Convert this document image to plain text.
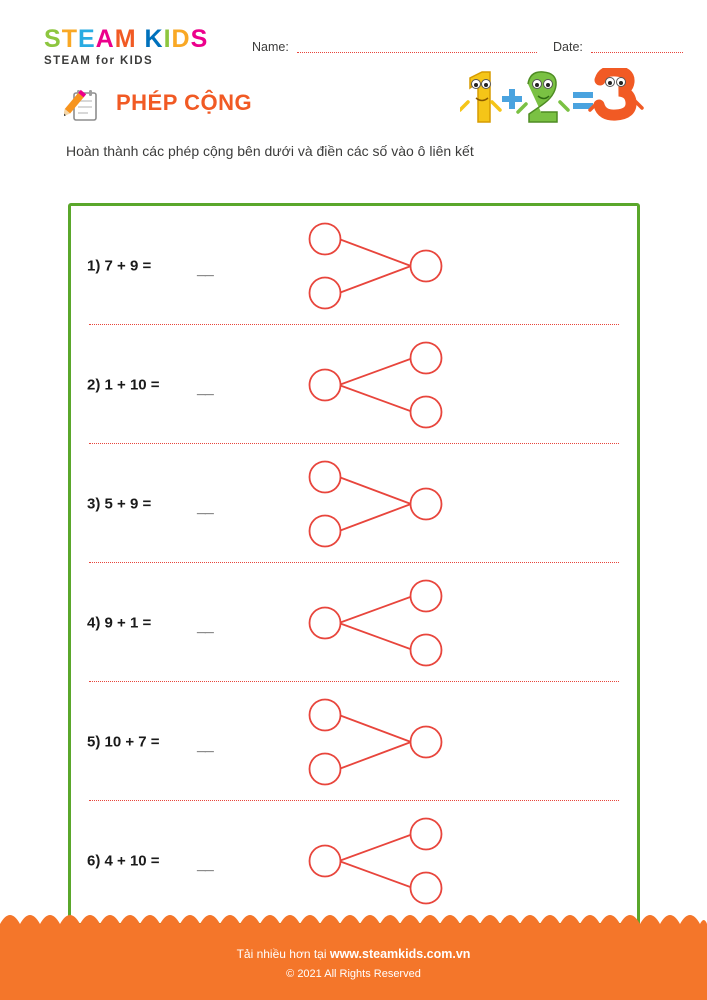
STEAM KIDS
STEAM for KIDS
Name:	Date:
PHÉP CỘNG
Hoàn thành các phép cộng bên dưới và điền các số vào ô liên kết
1) 7 + 9 =	__
2) 1 + 10 = __
3) 5 + 9 =	__
4) 9 + 1 =	__
5) 10 + 7 = __
6) 4 + 10 = __
Tải nhiều hơn tại www.steamkids.com.vn
© 2021 All Rights Reserved
